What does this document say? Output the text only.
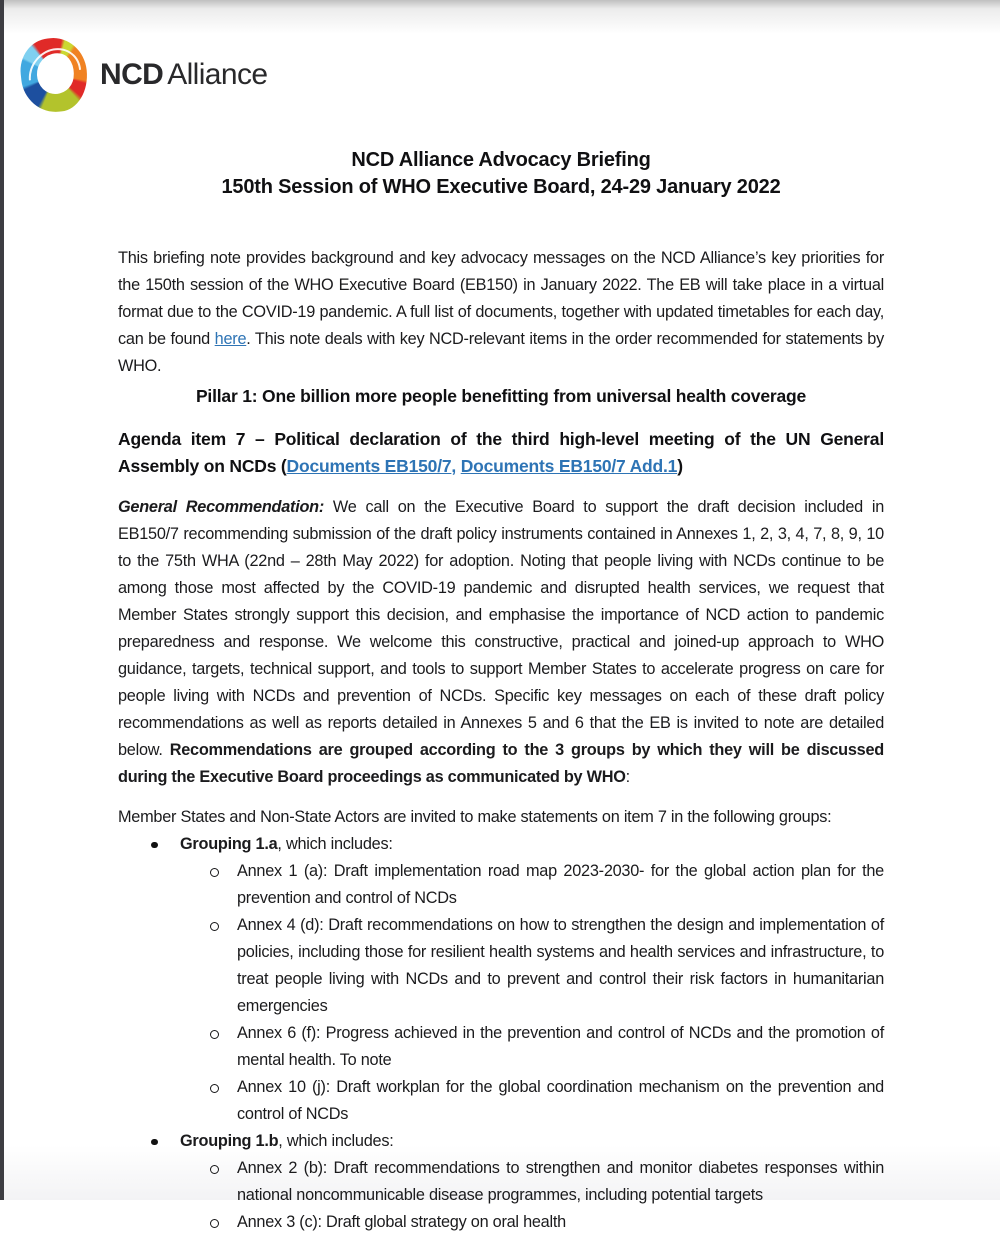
NCD Alliance
NCD Alliance Advocacy Briefing
150th Session of WHO Executive Board, 24-29 January 2022

This briefing note provides background and key advocacy messages on the NCD Alliance’s key priorities for the 150th session of the WHO Executive Board (EB150) in January 2022. The EB will take place in a virtual format due to the COVID-19 pandemic. A full list of documents, together with updated timetables for each day, can be found here. This note deals with key NCD-relevant items in the order recommended for statements by WHO.

Pillar 1: One billion more people benefitting from universal health coverage
Agenda item 7 – Political declaration of the third high-level meeting of the UN General Assembly on NCDs (Documents EB150/7, Documents EB150/7 Add.1)

General Recommendation: We call on the Executive Board to support the draft decision included in EB150/7 recommending submission of the draft policy instruments contained in Annexes 1, 2, 3, 4, 7, 8, 9, 10 to the 75th WHA (22nd – 28th May 2022) for adoption. Noting that people living with NCDs continue to be among those most affected by the COVID-19 pandemic and disrupted health services, we request that Member States strongly support this decision, and emphasise the importance of NCD action to pandemic preparedness and response. We welcome this constructive, practical and joined-up approach to WHO guidance, targets, technical support, and tools to support Member States to accelerate progress on care for people living with NCDs and prevention of NCDs. Specific key messages on each of these draft policy recommendations as well as reports detailed in Annexes 5 and 6 that the EB is invited to note are detailed below. Recommendations are grouped according to the 3 groups by which they will be discussed during the Executive Board proceedings as communicated by WHO:

Member States and Non-State Actors are invited to make statements on item 7 in the following groups:

Grouping 1.a, which includes:
Annex 1 (a): Draft implementation road map 2023-2030- for the global action plan for the prevention and control of NCDs
Annex 4 (d): Draft recommendations on how to strengthen the design and implementation of policies, including those for resilient health systems and health services and infrastructure, to treat people living with NCDs and to prevent and control their risk factors in humanitarian emergencies
Annex 6 (f): Progress achieved in the prevention and control of NCDs and the promotion of mental health. To note
Annex 10 (j): Draft workplan for the global coordination mechanism on the prevention and control of NCDs
Grouping 1.b, which includes:
Annex 2 (b): Draft recommendations to strengthen and monitor diabetes responses within national noncommunicable disease programmes, including potential targets
Annex 3 (c): Draft global strategy on oral health
